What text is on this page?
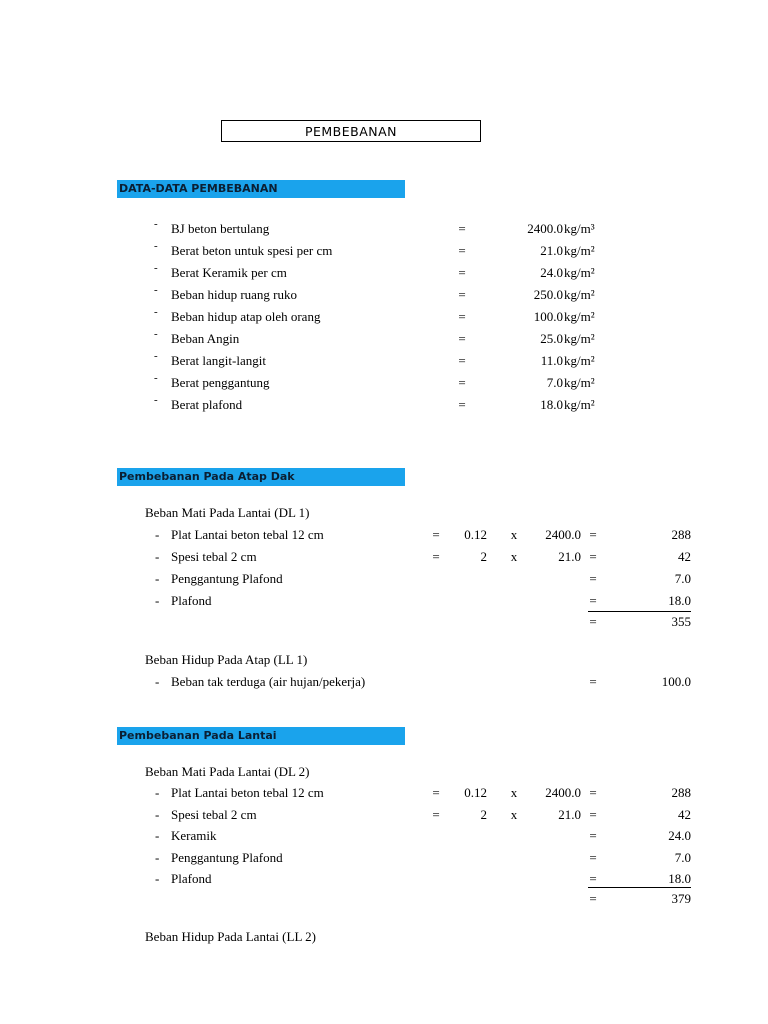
PEMBEBANAN
DATA-DATA PEMBEBANAN
- BJ beton bertulang	=	2400.0 kg/m³
- Berat beton untuk spesi per cm	=	21.0 kg/m²
- Berat Keramik per cm	=	24.0 kg/m²
- Beban hidup ruang ruko	=	250.0 kg/m²
- Beban hidup atap oleh orang	=	100.0 kg/m²
- Beban Angin	=	25.0 kg/m²
- Berat langit-langit	=	11.0 kg/m²
- Berat penggantung	=	7.0 kg/m²
- Berat plafond	=	18.0 kg/m²
Pembebanan Pada Atap Dak
Beban Mati Pada Lantai (DL 1)
- Plat Lantai beton tebal 12 cm	=	0.12 x	2400.0 =	288
- Spesi tebal 2 cm	=	2 x	21.0 =	42
- Penggantung Plafond	=	7.0
- Plafond	=	18.0
=	355
Beban Hidup Pada Atap (LL 1)
- Beban tak terduga (air hujan/pekerja)	=	100.0
Pembebanan Pada Lantai
Beban Mati Pada Lantai (DL 2)
- Plat Lantai beton tebal 12 cm	=	0.12 x	2400.0 =	288
- Spesi tebal 2 cm	=	2 x	21.0 =	42
- Keramik	=	24.0
- Penggantung Plafond	=	7.0
- Plafond	=	18.0
=	379
Beban Hidup Pada Lantai (LL 2)
